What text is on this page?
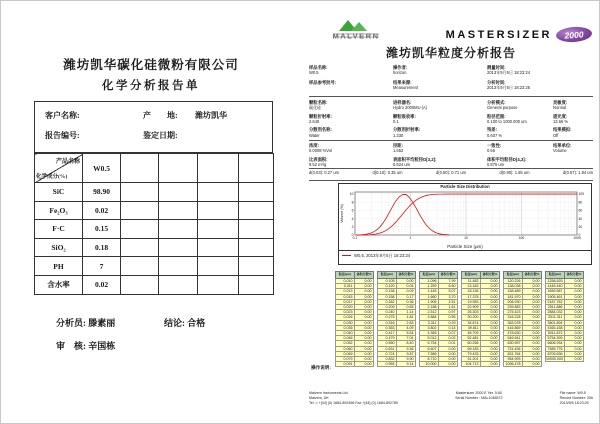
潍坊凯华碳化硅微粉有限公司
化学分析报告单
客户名称:	产　　地: 潍坊凯华
报告编号:	鉴定日期:
产品名称
化学成分(%)	W0.5				
SiC	98.90				
Fe₂O₃	0.02				
F·C	0.15				
SiO₂	0.18				
PH	7				
含水率	0.02				
分析员: 滕素丽	结论: 合格
审　核: 辛国栋
MALVERN	MASTERSIZER	2000
潍坊凯华粒度分析报告
样品名称:
W0.5
操作者:
horizon
测量时间:
2013年9月5日 18:23:24
样品参考批号:	结果来源:
Measurement
分析时间:
2013年9月5日 18:23:25
颗粒名称:
碳化硅
进样器名:
Hydro 2000MU (A)
分析模式:
General purpose
灵敏度:
Normal
颗粒折射率:
2.648
颗粒吸收率:
0.1
粒径范围:
0.100 to 1000.000 um
遮光度:
13.66 %
分散剂名称:
Water
分散剂折射率:
1.330
残差:
0.607 %
结果模拟:
Off
浓度:
0.0008 %Vol
径距:
1.652
一致性:
0.56
结果单位:
Volume
比表面积:
9.52 m²/g
表面积平均粒径D[3,2]:
0.624 um
体积平均粒径D[4,3]:
0.875 um
d(0.03): 0.27 um	d(0.10): 0.35 um	d(0.50): 0.71 um	d(0.90): 1.55 um	d(0.97): 1.94 um
Particle Size Distribution
0.1	1	10	100	1000
0
2
4
6
8
10
0
20
40
60
80
100
Volume (%)
Particle Size (µm)
W0.5, 2013年9月5日 18:23:24
粒径(µm)	体积分数%
0.010	0.00
0.011	0.00
0.013	0.00
0.015	0.00
0.017	0.00
0.020	0.00
0.023	0.00
0.026	0.00
0.030	0.00
0.035	0.00
0.040	0.00
0.046	0.00
0.052	0.00
0.060	0.00
0.069	0.00
0.079	0.00
0.091	0.00
粒径(µm)	体积分数%
0.105	0.00
0.120	0.04
0.138	0.09
0.158	0.17
0.182	0.36
0.209	0.65
0.240	1.14
0.275	1.81
0.316	2.83
0.363	4.09
0.417	5.54
0.479	7.04
0.550	8.40
0.631	9.36
0.724	9.87
0.832	9.90
0.955	9.14
粒径(µm)	体积分数%
1.096	7.99
1.259	6.60
1.445	5.07
1.660	3.70
1.905	2.51
2.188	1.61
2.512	0.97
2.884	0.55
3.311	0.29
3.802	0.14
4.365	0.07
5.012	0.02
5.754	0.01
6.607	0.00
7.586	0.00
8.710	0.00
10.000	0.00
粒径(µm)	体积分数%
11.482	0.00
13.183	0.00
15.136	0.00
17.378	0.00
19.953	0.00
22.909	0.00
26.303	0.00
30.200	0.00
34.674	0.00
39.811	0.00
45.709	0.00
52.481	0.00
60.256	0.00
69.183	0.00
79.433	0.00
91.201	0.00
104.713	0.00
粒径(µm)	体积分数%
120.226	0.00
138.038	0.00
158.489	0.00
181.970	0.00
208.930	0.00
239.883	0.00
275.423	0.00
316.228	0.00
363.078	0.00
416.869	0.00
478.630	0.00
549.541	0.00
630.957	0.00
724.436	0.00
831.764	0.00
954.993	0.00
1096.478	0.00
粒径(µm)	体积分数%
1258.925	0.00
1445.440	0.00
1659.587	0.00
1905.461	0.00
2187.762	0.00
2511.886	0.00
2884.032	0.00
3311.311	0.00
3801.894	0.00
4365.158	0.00
5011.872	0.00
5754.399	0.00
6606.934	0.00
7585.776	0.00
8709.636	0.00
10000.000	0.00
操作说明:
Malvern Instruments Ltd.
Malvern, UK
Tel := +[44] (0) 1684-892456 Fax +[44] (0) 1684-892789
Mastersizer 2000 E Ver. 5.60
Serial Number : MAL1048572
File name: W0.5
Record Number: 206
2013/9/5 18:23:25
